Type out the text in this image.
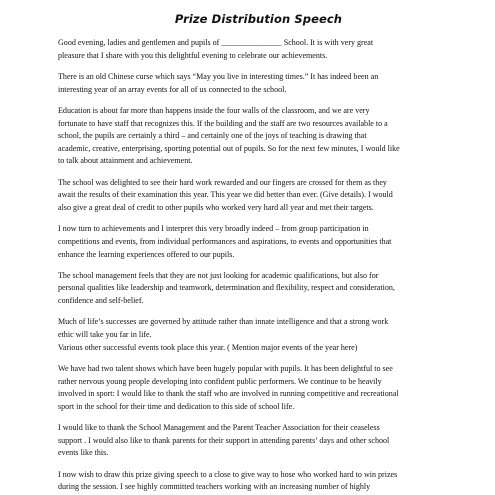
Prize Distribution Speech

Good evening, ladies and gentlemen and pupils of _______________ School. It is with very great
pleasure that I share with you this delightful evening to celebrate our achievements.

There is an old Chinese curse which says “May you live in interesting times.” It has indeed been an
interesting year of an array events for all of us connected to the school.

Education is about far more than happens inside the four walls of the classroom, and we are very
fortunate to have staff that recognizes this. If the building and the staff are two resources available to a
school, the pupils are certainly a third – and certainly one of the joys of teaching is drawing that
academic, creative, enterprising, sporting potential out of pupils. So for the next few minutes, I would like
to talk about attainment and achievement.

The school was delighted to see their hard work rewarded and our fingers are crossed for them as they
await the results of their examination this year. This year we did better than ever. (Give details). I would
also give a great deal of credit to other pupils who worked very hard all year and met their targets.

I now turn to achievements and I interpret this very broadly indeed – from group participation in
competitions and events, from individual performances and aspirations, to events and opportunities that
enhance the learning experiences offered to our pupils.

The school management feels that they are not just looking for academic qualifications, but also for
personal qualities like leadership and teamwork, determination and flexibility, respect and consideration,
confidence and self-belief.

Much of life’s successes are governed by attitude rather than innate intelligence and that a strong work
ethic will take you far in life.
Various other successful events took place this year. ( Mention major events of the year here)

We have had two talent shows which have been hugely popular with pupils. It has been delightful to see
rather nervous young people developing into confident public performers. We continue to be heavily
involved in sport: I would like to thank the staff who are involved in running competitive and recreational
sport in the school for their time and dedication to this side of school life.

I would like to thank the School Management and the Parent Teacher Association for their ceaseless
support . I would also like to thank parents for their support in attending parents’ days and other school
events like this.

I now wish to draw this prize giving speech to a close to give way to hose who worked hard to win prizes
during the session. I see highly committed teachers working with an increasing number of highly
